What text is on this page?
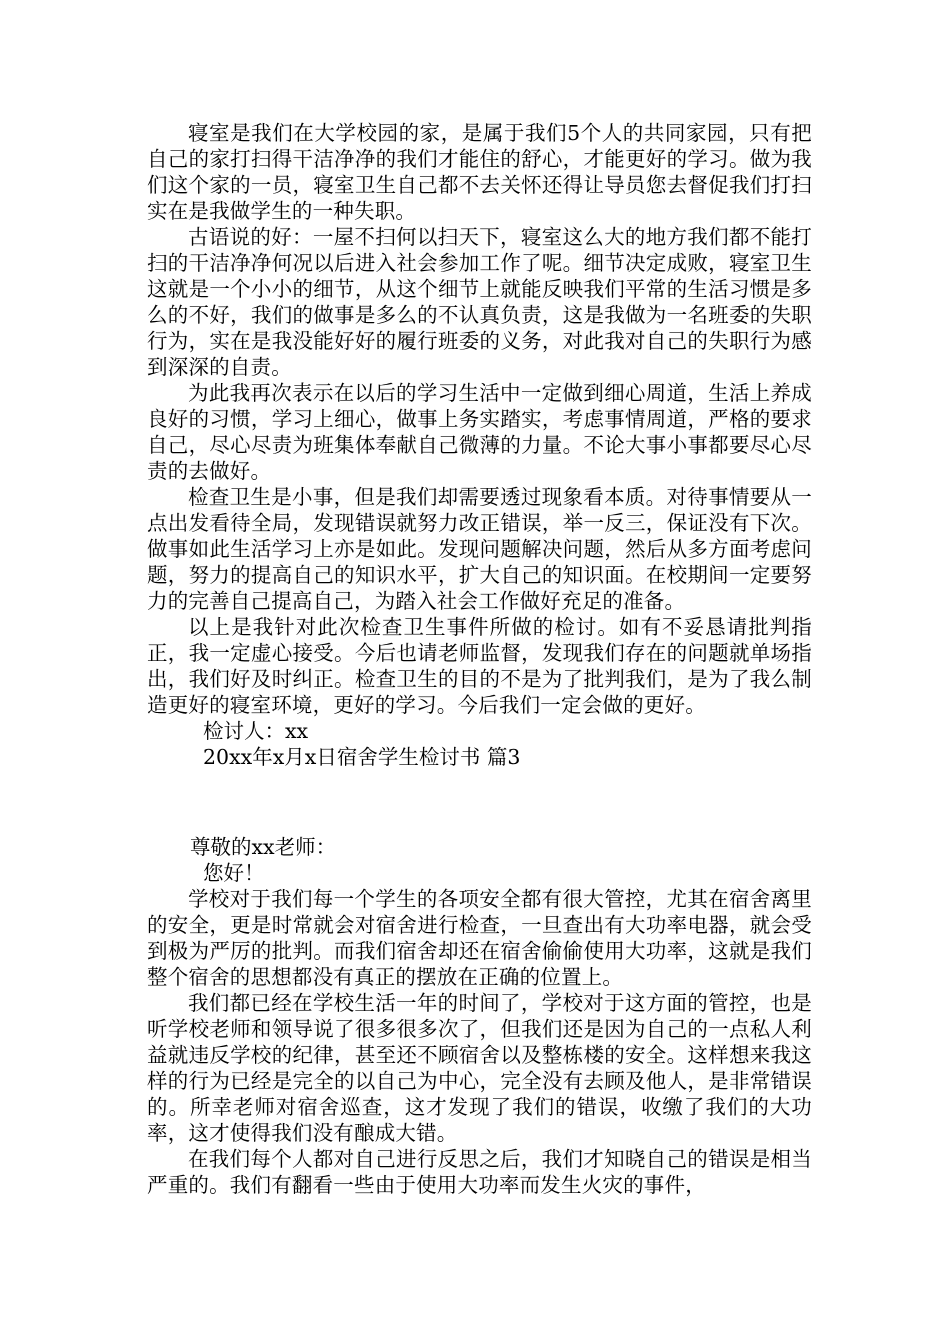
寝室是我们在大学校园的家，是属于我们5个人的共同家园，只有把自己的家打扫得干洁净净的我们才能住的舒心，才能更好的学习。做为我们这个家的一员，寝室卫生自己都不去关怀还得让导员您去督促我们打扫实在是我做学生的一种失职。

古语说的好：一屋不扫何以扫天下，寝室这么大的地方我们都不能打扫的干洁净净何况以后进入社会参加工作了呢。细节决定成败，寝室卫生这就是一个小小的细节，从这个细节上就能反映我们平常的生活习惯是多么的不好，我们的做事是多么的不认真负责，这是我做为一名班委的失职行为，实在是我没能好好的履行班委的义务，对此我对自己的失职行为感到深深的自责。

为此我再次表示在以后的学习生活中一定做到细心周道，生活上养成良好的习惯，学习上细心，做事上务实踏实，考虑事情周道，严格的要求自己，尽心尽责为班集体奉献自己微薄的力量。不论大事小事都要尽心尽责的去做好。

检查卫生是小事，但是我们却需要透过现象看本质。对待事情要从一点出发看待全局，发现错误就努力改正错误，举一反三，保证没有下次。做事如此生活学习上亦是如此。发现问题解决问题，然后从多方面考虑问题，努力的提高自己的知识水平，扩大自己的知识面。在校期间一定要努力的完善自己提高自己，为踏入社会工作做好充足的准备。

以上是我针对此次检查卫生事件所做的检讨。如有不妥恳请批判指正，我一定虚心接受。今后也请老师监督，发现我们存在的问题就单场指出，我们好及时纠正。检查卫生的目的不是为了批判我们，是为了我么制造更好的寝室环境，更好的学习。今后我们一定会做的更好。

检讨人：xx

20xx年x月x日宿舍学生检讨书 篇3

尊敬的xx老师：

您好！

学校对于我们每一个学生的各项安全都有很大管控，尤其在宿舍离里的安全，更是时常就会对宿舍进行检查，一旦查出有大功率电器，就会受到极为严厉的批判。而我们宿舍却还在宿舍偷偷使用大功率，这就是我们整个宿舍的思想都没有真正的摆放在正确的位置上。

我们都已经在学校生活一年的时间了，学校对于这方面的管控，也是听学校老师和领导说了很多很多次了，但我们还是因为自己的一点私人利益就违反学校的纪律，甚至还不顾宿舍以及整栋楼的安全。这样想来我这样的行为已经是完全的以自己为中心，完全没有去顾及他人，是非常错误的。所幸老师对宿舍巡查，这才发现了我们的错误，收缴了我们的大功率，这才使得我们没有酿成大错。

在我们每个人都对自己进行反思之后，我们才知晓自己的错误是相当严重的。我们有翻看一些由于使用大功率而发生火灾的事件，
